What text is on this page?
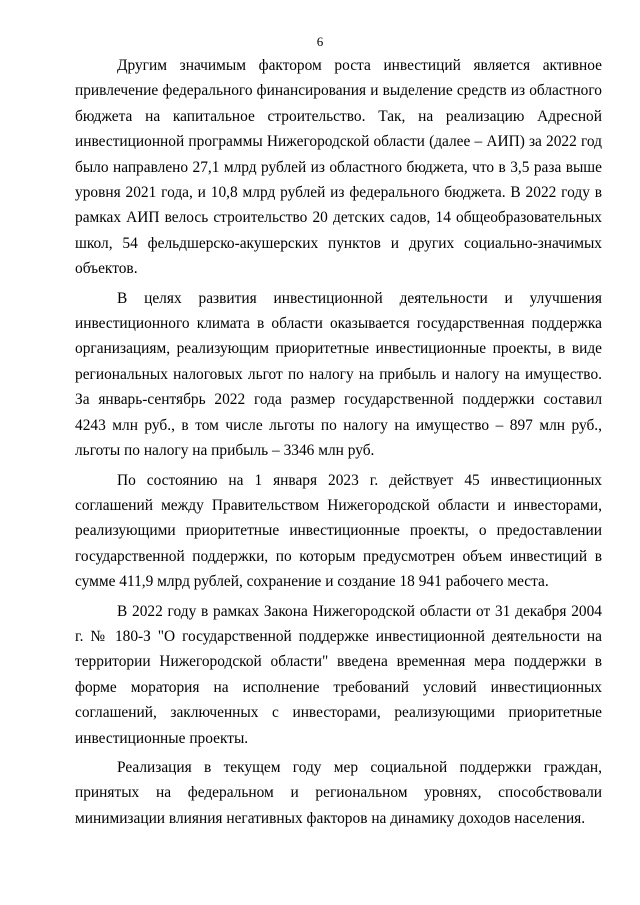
6

Другим значимым фактором роста инвестиций является активное привлечение федерального финансирования и выделение средств из областного бюджета на капитальное строительство. Так, на реализацию Адресной инвестиционной программы Нижегородской области (далее – АИП) за 2022 год было направлено 27,1 млрд рублей из областного бюджета, что в 3,5 раза выше уровня 2021 года, и 10,8 млрд рублей из федерального бюджета. В 2022 году в рамках АИП велось строительство 20 детских садов, 14 общеобразовательных школ, 54 фельдшерско-акушерских пунктов и других социально-значимых объектов.

В целях развития инвестиционной деятельности и улучшения инвестиционного климата в области оказывается государственная поддержка организациям, реализующим приоритетные инвестиционные проекты, в виде региональных налоговых льгот по налогу на прибыль и налогу на имущество. За январь-сентябрь 2022 года размер государственной поддержки составил 4243 млн руб., в том числе льготы по налогу на имущество – 897 млн руб., льготы по налогу на прибыль – 3346 млн руб.

По состоянию на 1 января 2023 г. действует 45 инвестиционных соглашений между Правительством Нижегородской области и инвесторами, реализующими приоритетные инвестиционные проекты, о предоставлении государственной поддержки, по которым предусмотрен объем инвестиций в сумме 411,9 млрд рублей, сохранение и создание 18 941 рабочего места.

В 2022 году в рамках Закона Нижегородской области от 31 декабря 2004 г. № 180-З "О государственной поддержке инвестиционной деятельности на территории Нижегородской области" введена временная мера поддержки в форме моратория на исполнение требований условий инвестиционных соглашений, заключенных с инвесторами, реализующими приоритетные инвестиционные проекты.

Реализация в текущем году мер социальной поддержки граждан, принятых на федеральном и региональном уровнях, способствовали минимизации влияния негативных факторов на динамику доходов населения.
